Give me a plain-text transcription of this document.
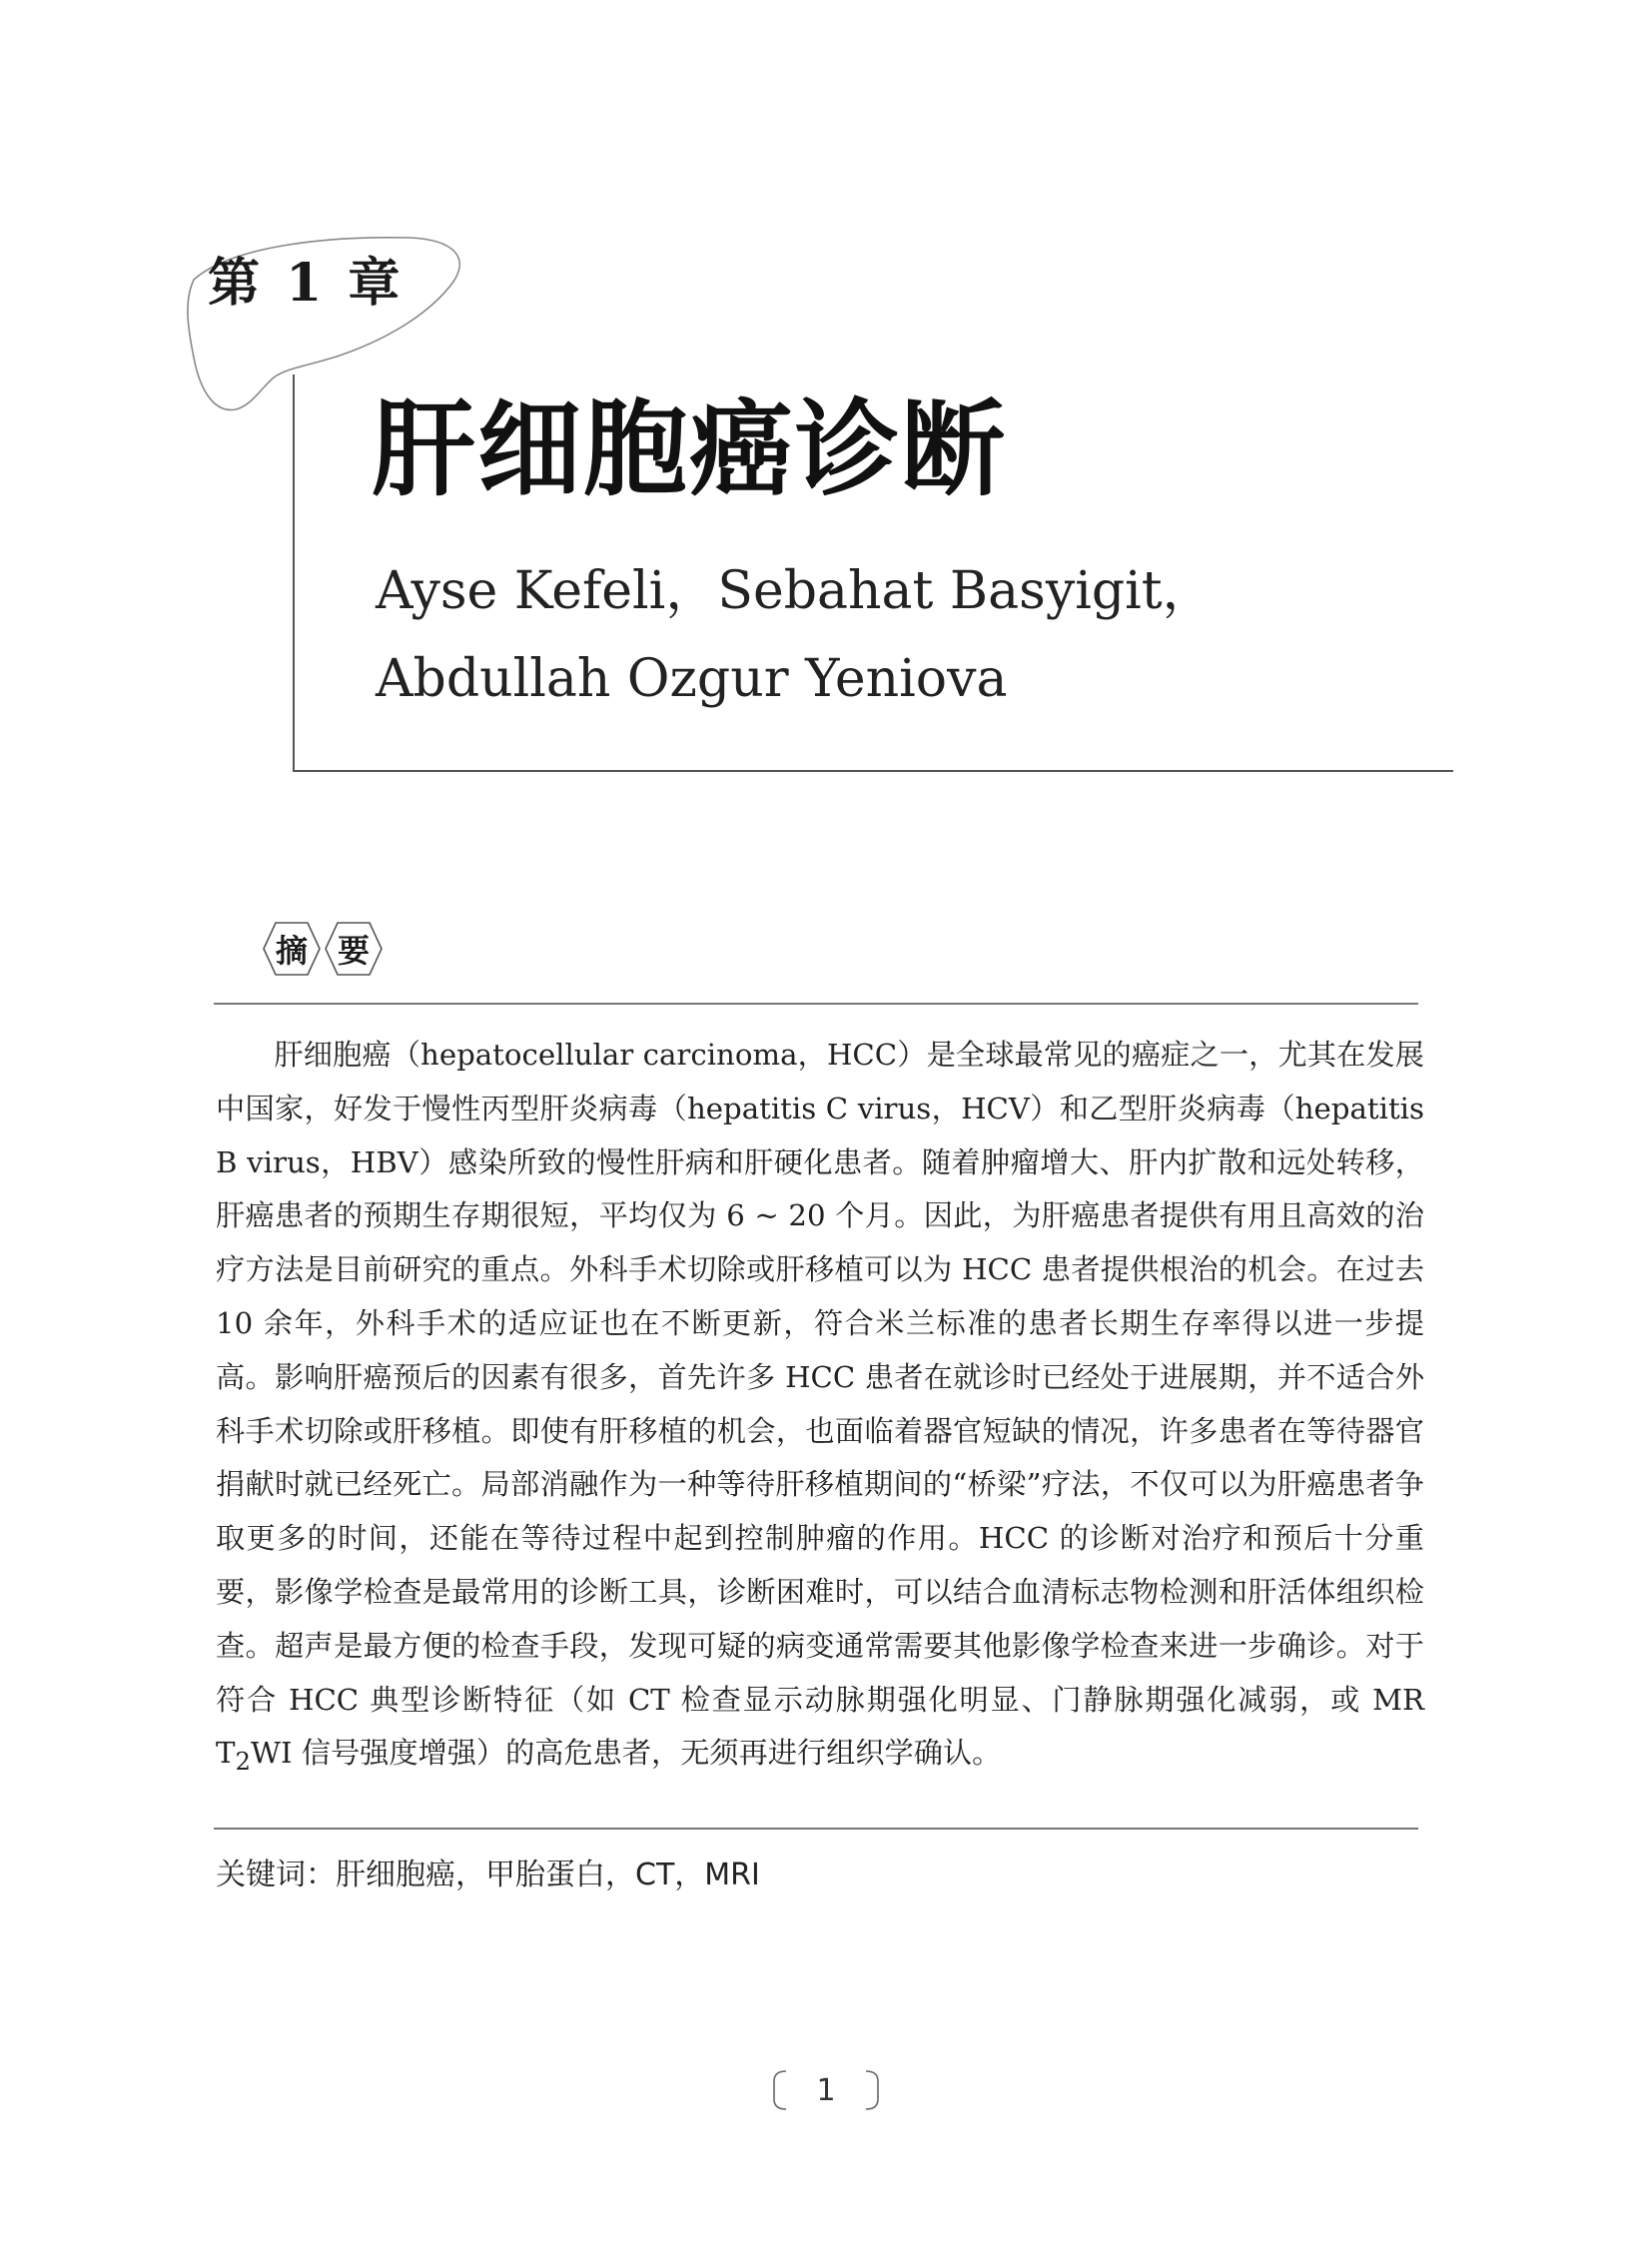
第 1 章
肝细胞癌诊断
Ayse Kefeli，Sebahat Basyigit，
Abdullah Ozgur Yeniova
摘 要

肝细胞癌（hepatocellular carcinoma，HCC）是全球最常见的癌症之一，尤其在发展中国家，好发于慢性丙型肝炎病毒（hepatitis C virus，HCV）和乙型肝炎病毒（hepatitis B virus，HBV）感染所致的慢性肝病和肝硬化患者。随着肿瘤增大、肝内扩散和远处转移，肝癌患者的预期生存期很短，平均仅为 6 ~ 20 个月。因此，为肝癌患者提供有用且高效的治疗方法是目前研究的重点。外科手术切除或肝移植可以为 HCC 患者提供根治的机会。在过去 10 余年，外科手术的适应证也在不断更新，符合米兰标准的患者长期生存率得以进一步提高。影响肝癌预后的因素有很多，首先许多 HCC 患者在就诊时已经处于进展期，并不适合外科手术切除或肝移植。即使有肝移植的机会，也面临着器官短缺的情况，许多患者在等待器官捐献时就已经死亡。局部消融作为一种等待肝移植期间的“桥梁”疗法，不仅可以为肝癌患者争取更多的时间，还能在等待过程中起到控制肿瘤的作用。HCC 的诊断对治疗和预后十分重要，影像学检查是最常用的诊断工具，诊断困难时，可以结合血清标志物检测和肝活体组织检查。超声是最方便的检查手段，发现可疑的病变通常需要其他影像学检查来进一步确诊。对于符合 HCC 典型诊断特征（如 CT 检查显示动脉期强化明显、门静脉期强化减弱，或 MR $T_2WI$ 信号强度增强）的高危患者，无须再进行组织学确认。

关键词：肝细胞癌，甲胎蛋白，CT，MRI
1
